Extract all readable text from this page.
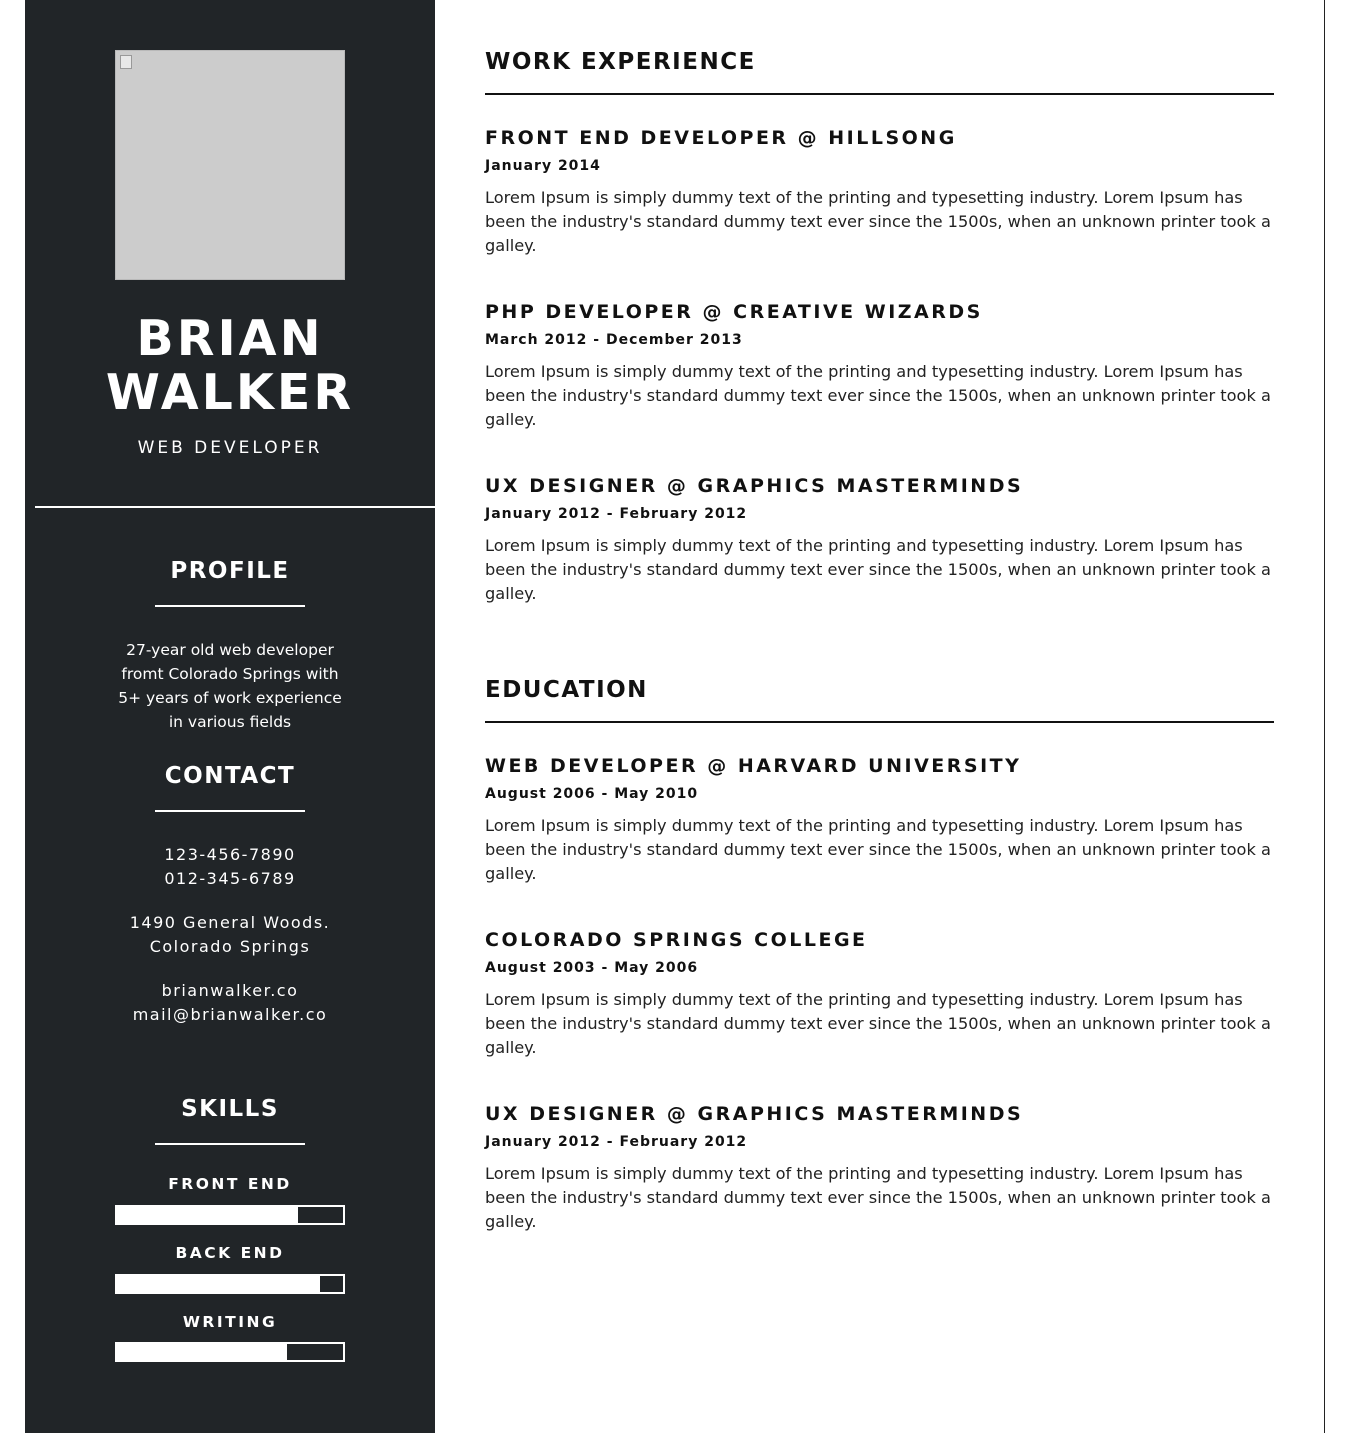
BRIAN
WALKER
WEB DEVELOPER
PROFILE
27-year old web developer fromt Colorado Springs with 5+ years of work experience in various fields
CONTACT
123-456-7890
012-345-6789
1490 General Woods.
Colorado Springs
brianwalker.co
mail@brianwalker.co
SKILLS
FRONT END
BACK END
WRITING
WORK EXPERIENCE
FRONT END DEVELOPER @ HILLSONG
January 2014
Lorem Ipsum is simply dummy text of the printing and typesetting industry. Lorem Ipsum has been the industry's standard dummy text ever since the 1500s, when an unknown printer took a galley.
PHP DEVELOPER @ CREATIVE WIZARDS
March 2012 - December 2013
Lorem Ipsum is simply dummy text of the printing and typesetting industry. Lorem Ipsum has been the industry's standard dummy text ever since the 1500s, when an unknown printer took a galley.
UX DESIGNER @ GRAPHICS MASTERMINDS
January 2012 - February 2012
Lorem Ipsum is simply dummy text of the printing and typesetting industry. Lorem Ipsum has been the industry's standard dummy text ever since the 1500s, when an unknown printer took a galley.
EDUCATION
WEB DEVELOPER @ HARVARD UNIVERSITY
August 2006 - May 2010
Lorem Ipsum is simply dummy text of the printing and typesetting industry. Lorem Ipsum has been the industry's standard dummy text ever since the 1500s, when an unknown printer took a galley.
COLORADO SPRINGS COLLEGE
August 2003 - May 2006
Lorem Ipsum is simply dummy text of the printing and typesetting industry. Lorem Ipsum has been the industry's standard dummy text ever since the 1500s, when an unknown printer took a galley.
UX DESIGNER @ GRAPHICS MASTERMINDS
January 2012 - February 2012
Lorem Ipsum is simply dummy text of the printing and typesetting industry. Lorem Ipsum has been the industry's standard dummy text ever since the 1500s, when an unknown printer took a galley.
